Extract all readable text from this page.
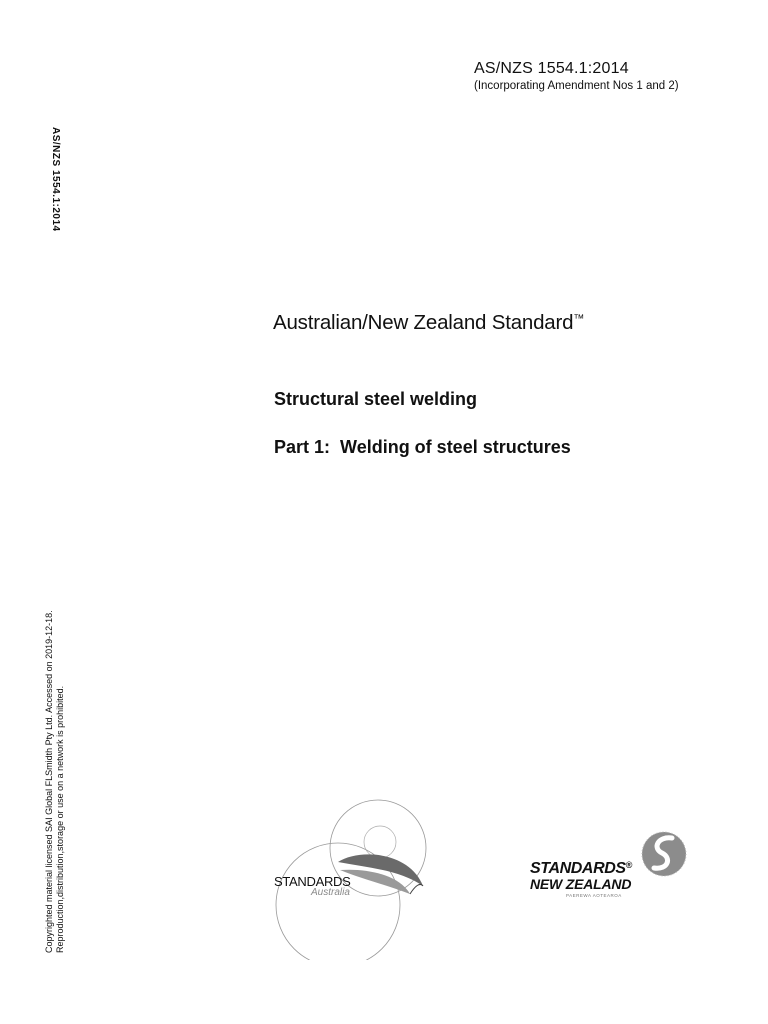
AS/NZS 1554.1:2014
(Incorporating Amendment Nos 1 and 2)
AS/NZS 1554.1:2014
Australian/New Zealand Standard™
Structural steel welding
Part 1:  Welding of steel structures
Copyrighted material licensed SAI Global FLSmidth Pty Ltd. Accessed on 2019-12-18. Reproduction,distribution,storage or use on a network is prohibited.	STANDARDS
Australia
STANDARDS®
NEW ZEALAND
PAEREWA AOTEAROA
